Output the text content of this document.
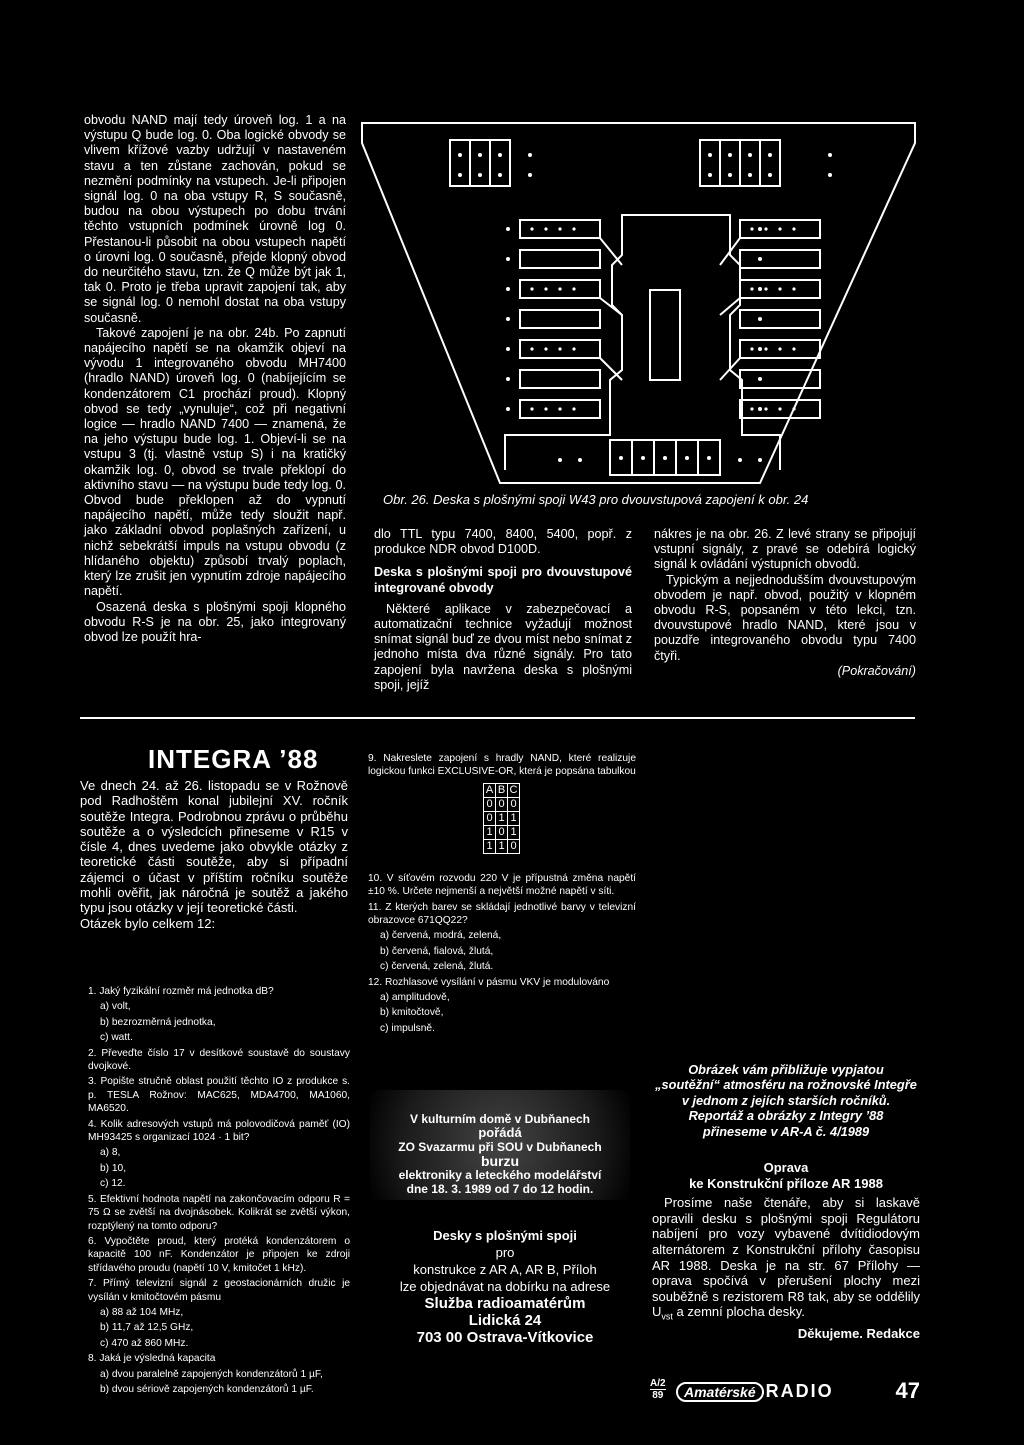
obvodu NAND mají tedy úroveň log. 1 a na výstupu Q bude log. 0. Oba logické obvody se vlivem křížové vazby udržují v nastaveném stavu a ten zůstane zachován, pokud se nezmění podmínky na vstupech. Je-li připojen signál log. 0 na oba vstupy R, S současně, budou na obou výstupech po dobu trvání těchto vstupních podmínek úrovně log 0. Přestanou-li působit na obou vstupech napětí o úrovni log. 0 současně, přejde klopný obvod do neurčitého stavu, tzn. že Q může být jak 1, tak 0. Proto je třeba upravit zapojení tak, aby se signál log. 0 nemohl dostat na oba vstupy současně.

Takové zapojení je na obr. 24b. Po zapnutí napájecího napětí se na okamžik objeví na vývodu 1 integrovaného obvodu MH7400 (hradlo NAND) úroveň log. 0 (nabíjejícím se kondenzátorem C1 prochází proud). Klopný obvod se tedy „vynuluje“, což při negativní logice — hradlo NAND 7400 — znamená, že na jeho výstupu bude log. 1. Objeví-li se na vstupu 3 (tj. vlastně vstup S) i na kratičký okamžik log. 0, obvod se trvale překlopí do aktivního stavu — na výstupu bude tedy log. 0. Obvod bude překlopen až do vypnutí napájecího napětí, může tedy sloužit např. jako základní obvod poplašných zařízení, u nichž sebekrátší impuls na vstupu obvodu (z hlídaného objektu) způsobí trvalý poplach, který lze zrušit jen vypnutím zdroje napájecího napětí.

Osazená deska s plošnými spoji klopného obvodu R-S je na obr. 25, jako integrovaný obvod lze použít hra-

Obr. 26. Deska s plošnými spoji W43 pro dvouvstupová zapojení k obr. 24

dlo TTL typu 7400, 8400, 5400, popř. z produkce NDR obvod D100D.

Deska s plošnými spoji pro dvouvstupové integrované obvody

Některé aplikace v zabezpečovací a automatizační technice vyžadují možnost snímat signál buď ze dvou míst nebo snímat z jednoho místa dva různé signály. Pro tato zapojení byla navržena deska s plošnými spoji, jejíž

nákres je na obr. 26. Z levé strany se připojují vstupní signály, z pravé se odebírá logický signál k ovládání výstupních obvodů.

Typickým a nejjednodušším dvouvstupovým obvodem je např. obvod, použitý v klopném obvodu R-S, popsaném v této lekci, tzn. dvouvstupové hradlo NAND, které jsou v pouzdře integrovaného obvodu typu 7400 čtyři.

(Pokračování)

INTEGRA ’88

Ve dnech 24. až 26. listopadu se v Rožnově pod Radhoštěm konal jubilejní XV. ročník soutěže Integra. Podrobnou zprávu o průběhu soutěže a o výsledcích přineseme v R15 v čísle 4, dnes uvedeme jako obvykle otázky z teoretické části soutěže, aby si případní zájemci o účast v příštím ročníku soutěže mohli ověřit, jak náročná je soutěž a jakého typu jsou otázky v její teoretické části.

Otázek bylo celkem 12:

1. Jaký fyzikální rozměr má jednotka dB?

a) volt,

b) bezrozměrná jednotka,

c) watt.

2. Převeďte číslo 17 v desítkové soustavě do soustavy dvojkové.

3. Popište stručně oblast použití těchto IO z produkce s. p. TESLA Rožnov: MAC625, MDA4700, MA1060, MA6520.

4. Kolik adresových vstupů má polovodičová paměť (IO) MH93425 s organizací 1024 · 1 bit?

a) 8,

b) 10,

c) 12.

5. Efektivní hodnota napětí na zakončovacím odporu R = 75 Ω se zvětší na dvojnásobek. Kolikrát se zvětší výkon, rozptýlený na tomto odporu?

6. Vypočtěte proud, který protéká kondenzátorem o kapacitě 100 nF. Kondenzátor je připojen ke zdroji střídavého proudu (napětí 10 V, kmitočet 1 kHz).

7. Přímý televizní signál z geostacionárních družic je vysílán v kmitočtovém pásmu

a) 88 až 104 MHz,

b) 11,7 až 12,5 GHz,

c) 470 až 860 MHz.

8. Jaká je výsledná kapacita

a) dvou paralelně zapojených kondenzátorů 1 µF,

b) dvou sériově zapojených kondenzátorů 1 µF.

9. Nakreslete zapojení s hradly NAND, které realizuje logickou funkci EXCLUSIVE-OR, která je popsána tabulkou

A	B	C
0	0	0
0	1	1
1	0	1
1	1	0

10. V síťovém rozvodu 220 V je přípustná změna napětí ±10 %. Určete nejmenší a největší možné napětí v síti.

11. Z kterých barev se skládají jednotlivé barvy v televizní obrazovce 671QQ22?

a) červená, modrá, zelená,

b) červená, fialová, žlutá,

c) červená, zelená, žlutá.

12. Rozhlasové vysílání v pásmu VKV je modulováno

a) amplitudově,

b) kmitočtově,

c) impulsně.

Obrázek vám přibližuje vypjatou „soutěžní“ atmosféru na rožnovské Integře v jednom z jejích starších ročníků. Reportáž a obrázky z Integry ’88 přineseme v AR-A č. 4/1989
V kulturním domě v Dubňanech
pořádá
ZO Svazarmu při SOU v Dubňanech
burzu
elektroniky a leteckého modelářství
dne 18. 3. 1989 od 7 do 12 hodin.
Desky s plošnými spoji
pro
konstrukce z AR A, AR B, Příloh
lze objednávat na dobírku na adrese
Služba radioamatérům
Lidická 24
703 00 Ostrava-Vítkovice
Oprava
ke Konstrukční příloze AR 1988

Prosíme naše čtenáře, aby si laskavě opravili desku s plošnými spoji Regulátoru nabíjení pro vozy vybavené dvítidiodovým alternátorem z Konstrukční přílohy časopisu AR 1988. Deska je na str. 67 Přílohy — oprava spočívá v přerušení plochy mezi souběžně s rezistorem R8 tak, aby se oddělily $U_{vst}$ a zemní plocha desky.

Děkujeme. Redakce
A/2
89	Amatérské RADIO	47
